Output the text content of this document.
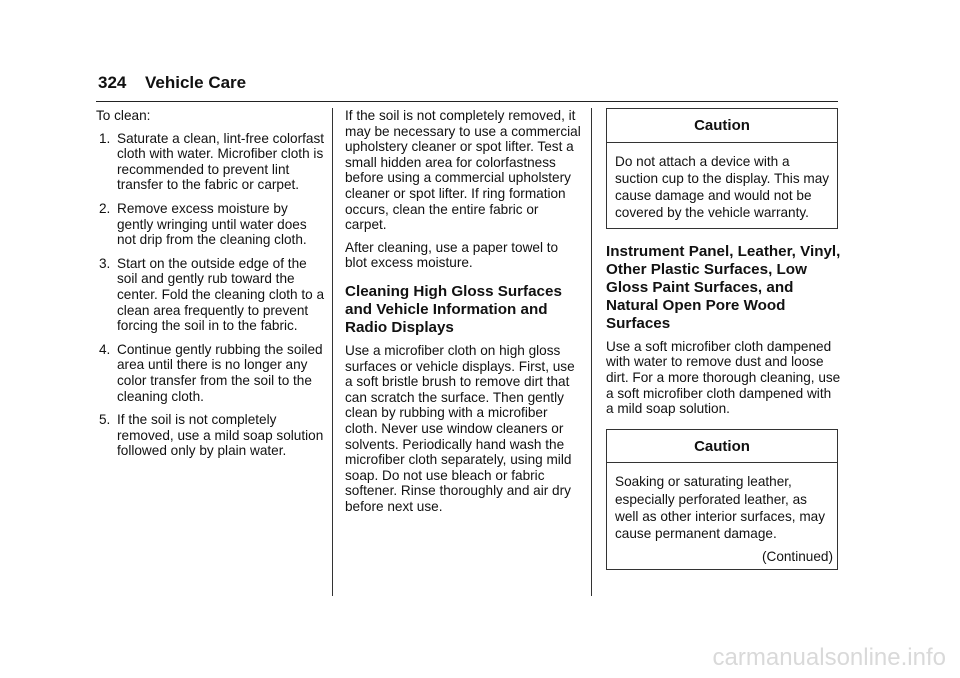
324 Vehicle Care

To clean:

1. Saturate a clean, lint-free colorfast cloth with water. Microfiber cloth is recommended to prevent lint transfer to the fabric or carpet.
2. Remove excess moisture by gently wringing until water does not drip from the cleaning cloth.
3. Start on the outside edge of the soil and gently rub toward the center. Fold the cleaning cloth to a clean area frequently to prevent forcing the soil in to the fabric.
4. Continue gently rubbing the soiled area until there is no longer any color transfer from the soil to the cleaning cloth.
5. If the soil is not completely removed, use a mild soap solution followed only by plain water.

If the soil is not completely removed, it may be necessary to use a commercial upholstery cleaner or spot lifter. Test a small hidden area for colorfastness before using a commercial upholstery cleaner or spot lifter. If ring formation occurs, clean the entire fabric or carpet.

After cleaning, use a paper towel to blot excess moisture.

Cleaning High Gloss Surfaces and Vehicle Information and Radio Displays

Use a microfiber cloth on high gloss surfaces or vehicle displays. First, use a soft bristle brush to remove dirt that can scratch the surface. Then gently clean by rubbing with a microfiber cloth. Never use window cleaners or solvents. Periodically hand wash the microfiber cloth separately, using mild soap. Do not use bleach or fabric softener. Rinse thoroughly and air dry before next use.

Caution
Do not attach a device with a suction cup to the display. This may cause damage and would not be covered by the vehicle warranty.
Instrument Panel, Leather, Vinyl, Other Plastic Surfaces, Low Gloss Paint Surfaces, and Natural Open Pore Wood Surfaces

Use a soft microfiber cloth dampened with water to remove dust and loose dirt. For a more thorough cleaning, use a soft microfiber cloth dampened with a mild soap solution.

Caution
Soaking or saturating leather, especially perforated leather, as well as other interior surfaces, may cause permanent damage.
(Continued)
carmanualsonline.info
